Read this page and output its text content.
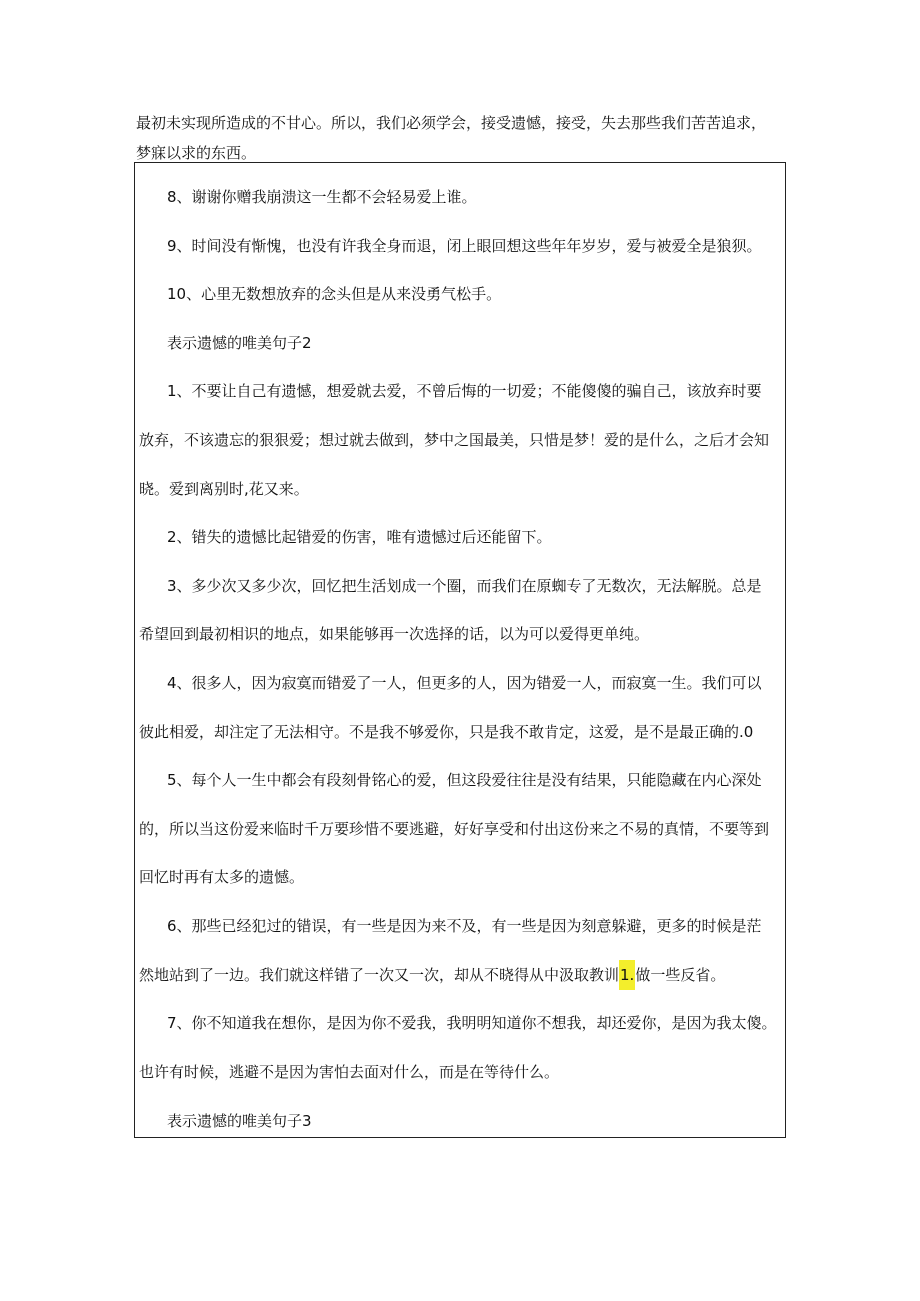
最初未实现所造成的不甘心。所以，我们必须学会，接受遗憾，接受，失去那些我们苦苦追求，

梦寐以求的东西。

8、谢谢你赠我崩溃这一生都不会轻易爱上谁。
9、时间没有惭愧，也没有许我全身而退，闭上眼回想这些年年岁岁，爱与被爱全是狼狈。
10、心里无数想放弃的念头但是从来没勇气松手。
表示遗憾的唯美句子2
1、不要让自己有遗憾，想爱就去爱，不曾后悔的一切爱；不能傻傻的骗自己，该放弃时要
放弃，不该遗忘的狠狠爱；想过就去做到，梦中之国最美，只惜是梦！爱的是什么，之后才会知
晓。爱到离别时,花又来。
2、错失的遗憾比起错爱的伤害，唯有遗憾过后还能留下。
3、多少次又多少次，回忆把生活划成一个圈，而我们在原蜘专了无数次，无法解脱。总是
希望回到最初相识的地点，如果能够再一次选择的话，以为可以爱得更单纯。
4、很多人，因为寂寞而错爱了一人，但更多的人，因为错爱一人，而寂寞一生。我们可以
彼此相爱，却注定了无法相守。不是我不够爱你，只是我不敢肯定，这爱，是不是最正确的.0
5、每个人一生中都会有段刻骨铭心的爱，但这段爱往往是没有结果，只能隐藏在内心深处
的，所以当这份爱来临时千万要珍惜不要逃避，好好享受和付出这份来之不易的真情，不要等到
回忆时再有太多的遗憾。
6、那些已经犯过的错误，有一些是因为来不及，有一些是因为刻意躲避，更多的时候是茫
然地站到了一边。我们就这样错了一次又一次，却从不晓得从中汲取教训1.做一些反省。
7、你不知道我在想你，是因为你不爱我，我明明知道你不想我，却还爱你，是因为我太傻。
也许有时候，逃避不是因为害怕去面对什么，而是在等待什么。
表示遗憾的唯美句子3
